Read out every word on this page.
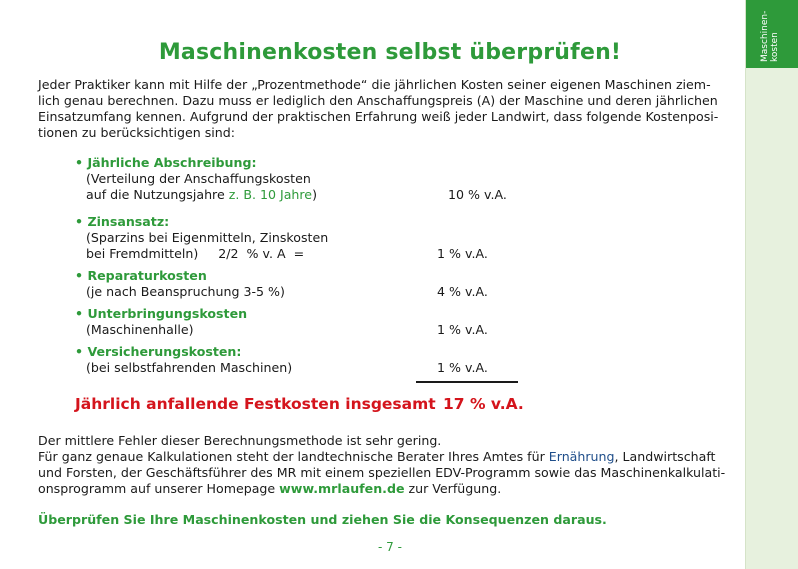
Maschinen- kosten
Maschinenkosten selbst überprüfen!
Jeder Praktiker kann mit Hilfe der „Prozentmethode“ die jährlichen Kosten seiner eigenen Maschinen ziem-
lich genau berechnen. Dazu muss er lediglich den Anschaffungspreis (A) der Maschine und deren jährlichen
Einsatzumfang kennen. Aufgrund der praktischen Erfahrung weiß jeder Landwirt, dass folgende Kostenposi-
tionen zu berücksichtigen sind:
• Jährliche Abschreibung:
(Verteilung der Anschaffungskosten
auf die Nutzungsjahre z. B. 10 Jahre)	10 % v.A.
• Zinsansatz:
(Sparzins bei Eigenmitteln, Zinskosten
bei Fremdmitteln)     2/2  % v. A  =	1 % v.A.
• Reparaturkosten
(je nach Beanspruchung 3-5 %)	4 % v.A.
• Unterbringungskosten
(Maschinenhalle)	1 % v.A.
• Versicherungskosten:
(bei selbstfahrenden Maschinen)	1 % v.A.
Jährlich anfallende Festkosten insgesamt 17 % v.A.
Der mittlere Fehler dieser Berechnungsmethode ist sehr gering.
Für ganz genaue Kalkulationen steht der landtechnische Berater Ihres Amtes für Ernährung, Landwirtschaft
und Forsten, der Geschäftsführer des MR mit einem speziellen EDV-Programm sowie das Maschinenkalkulati-
onsprogramm auf unserer Homepage www.mrlaufen.de zur Verfügung.
Überprüfen Sie Ihre Maschinenkosten und ziehen Sie die Konsequenzen daraus.
- 7 -
